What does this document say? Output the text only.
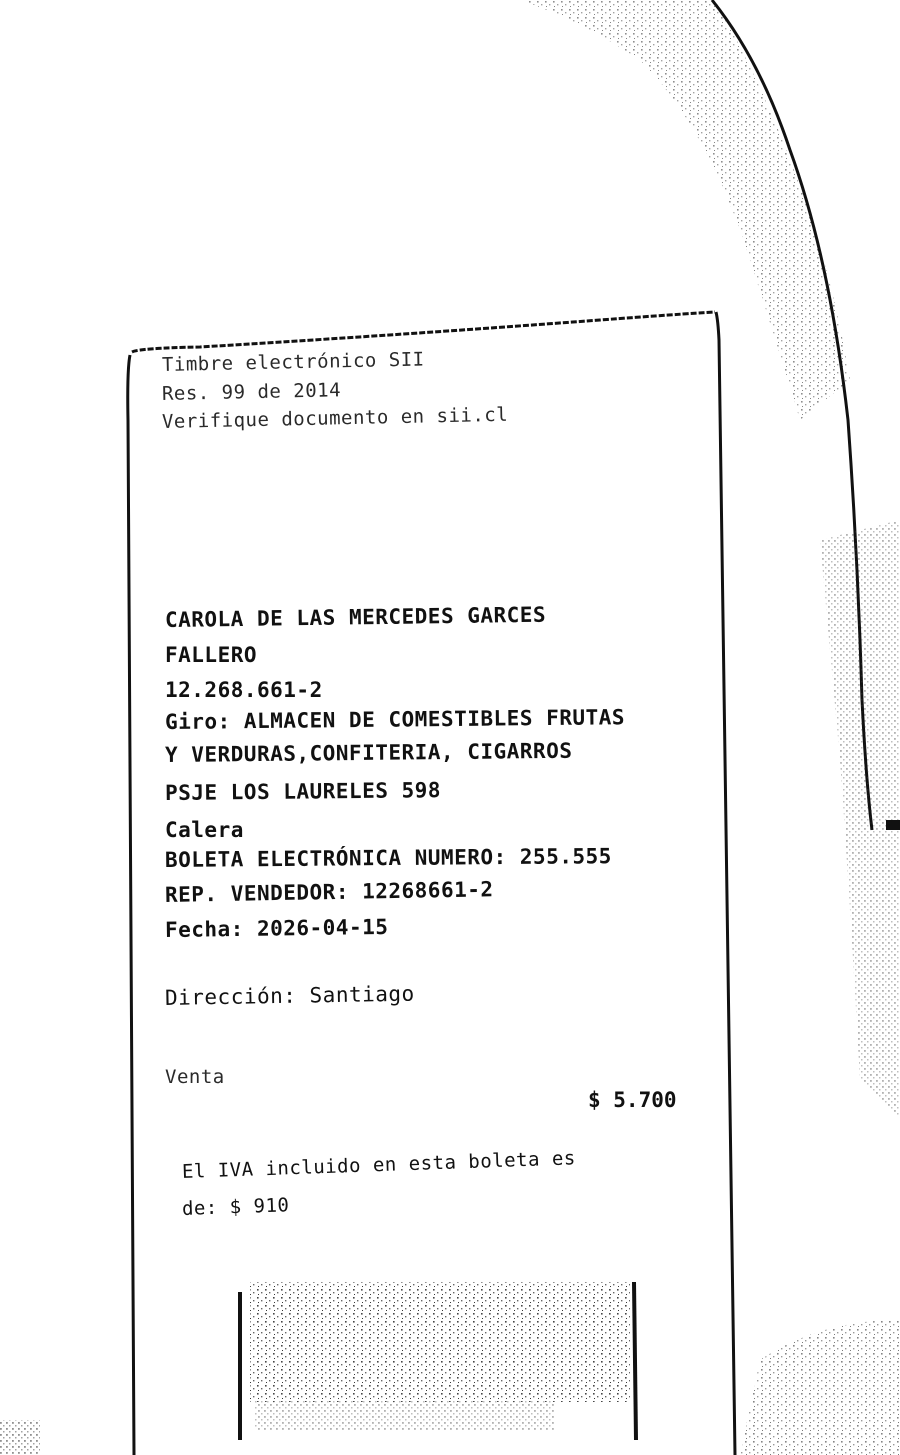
Timbre electrónico SII
Res. 99 de 2014
Verifique documento en sii.cl
CAROLA DE LAS MERCEDES GARCES
FALLERO
12.268.661-2
Giro: ALMACEN DE COMESTIBLES FRUTAS
Y VERDURAS,CONFITERIA, CIGARROS
PSJE LOS LAURELES 598
Calera
BOLETA ELECTRÓNICA NUMERO: 255.555
REP. VENDEDOR: 12268661-2
Fecha: 2026-04-15
Dirección: Santiago
Venta
$ 5.700
El IVA incluido en esta boleta es
de: $ 910
